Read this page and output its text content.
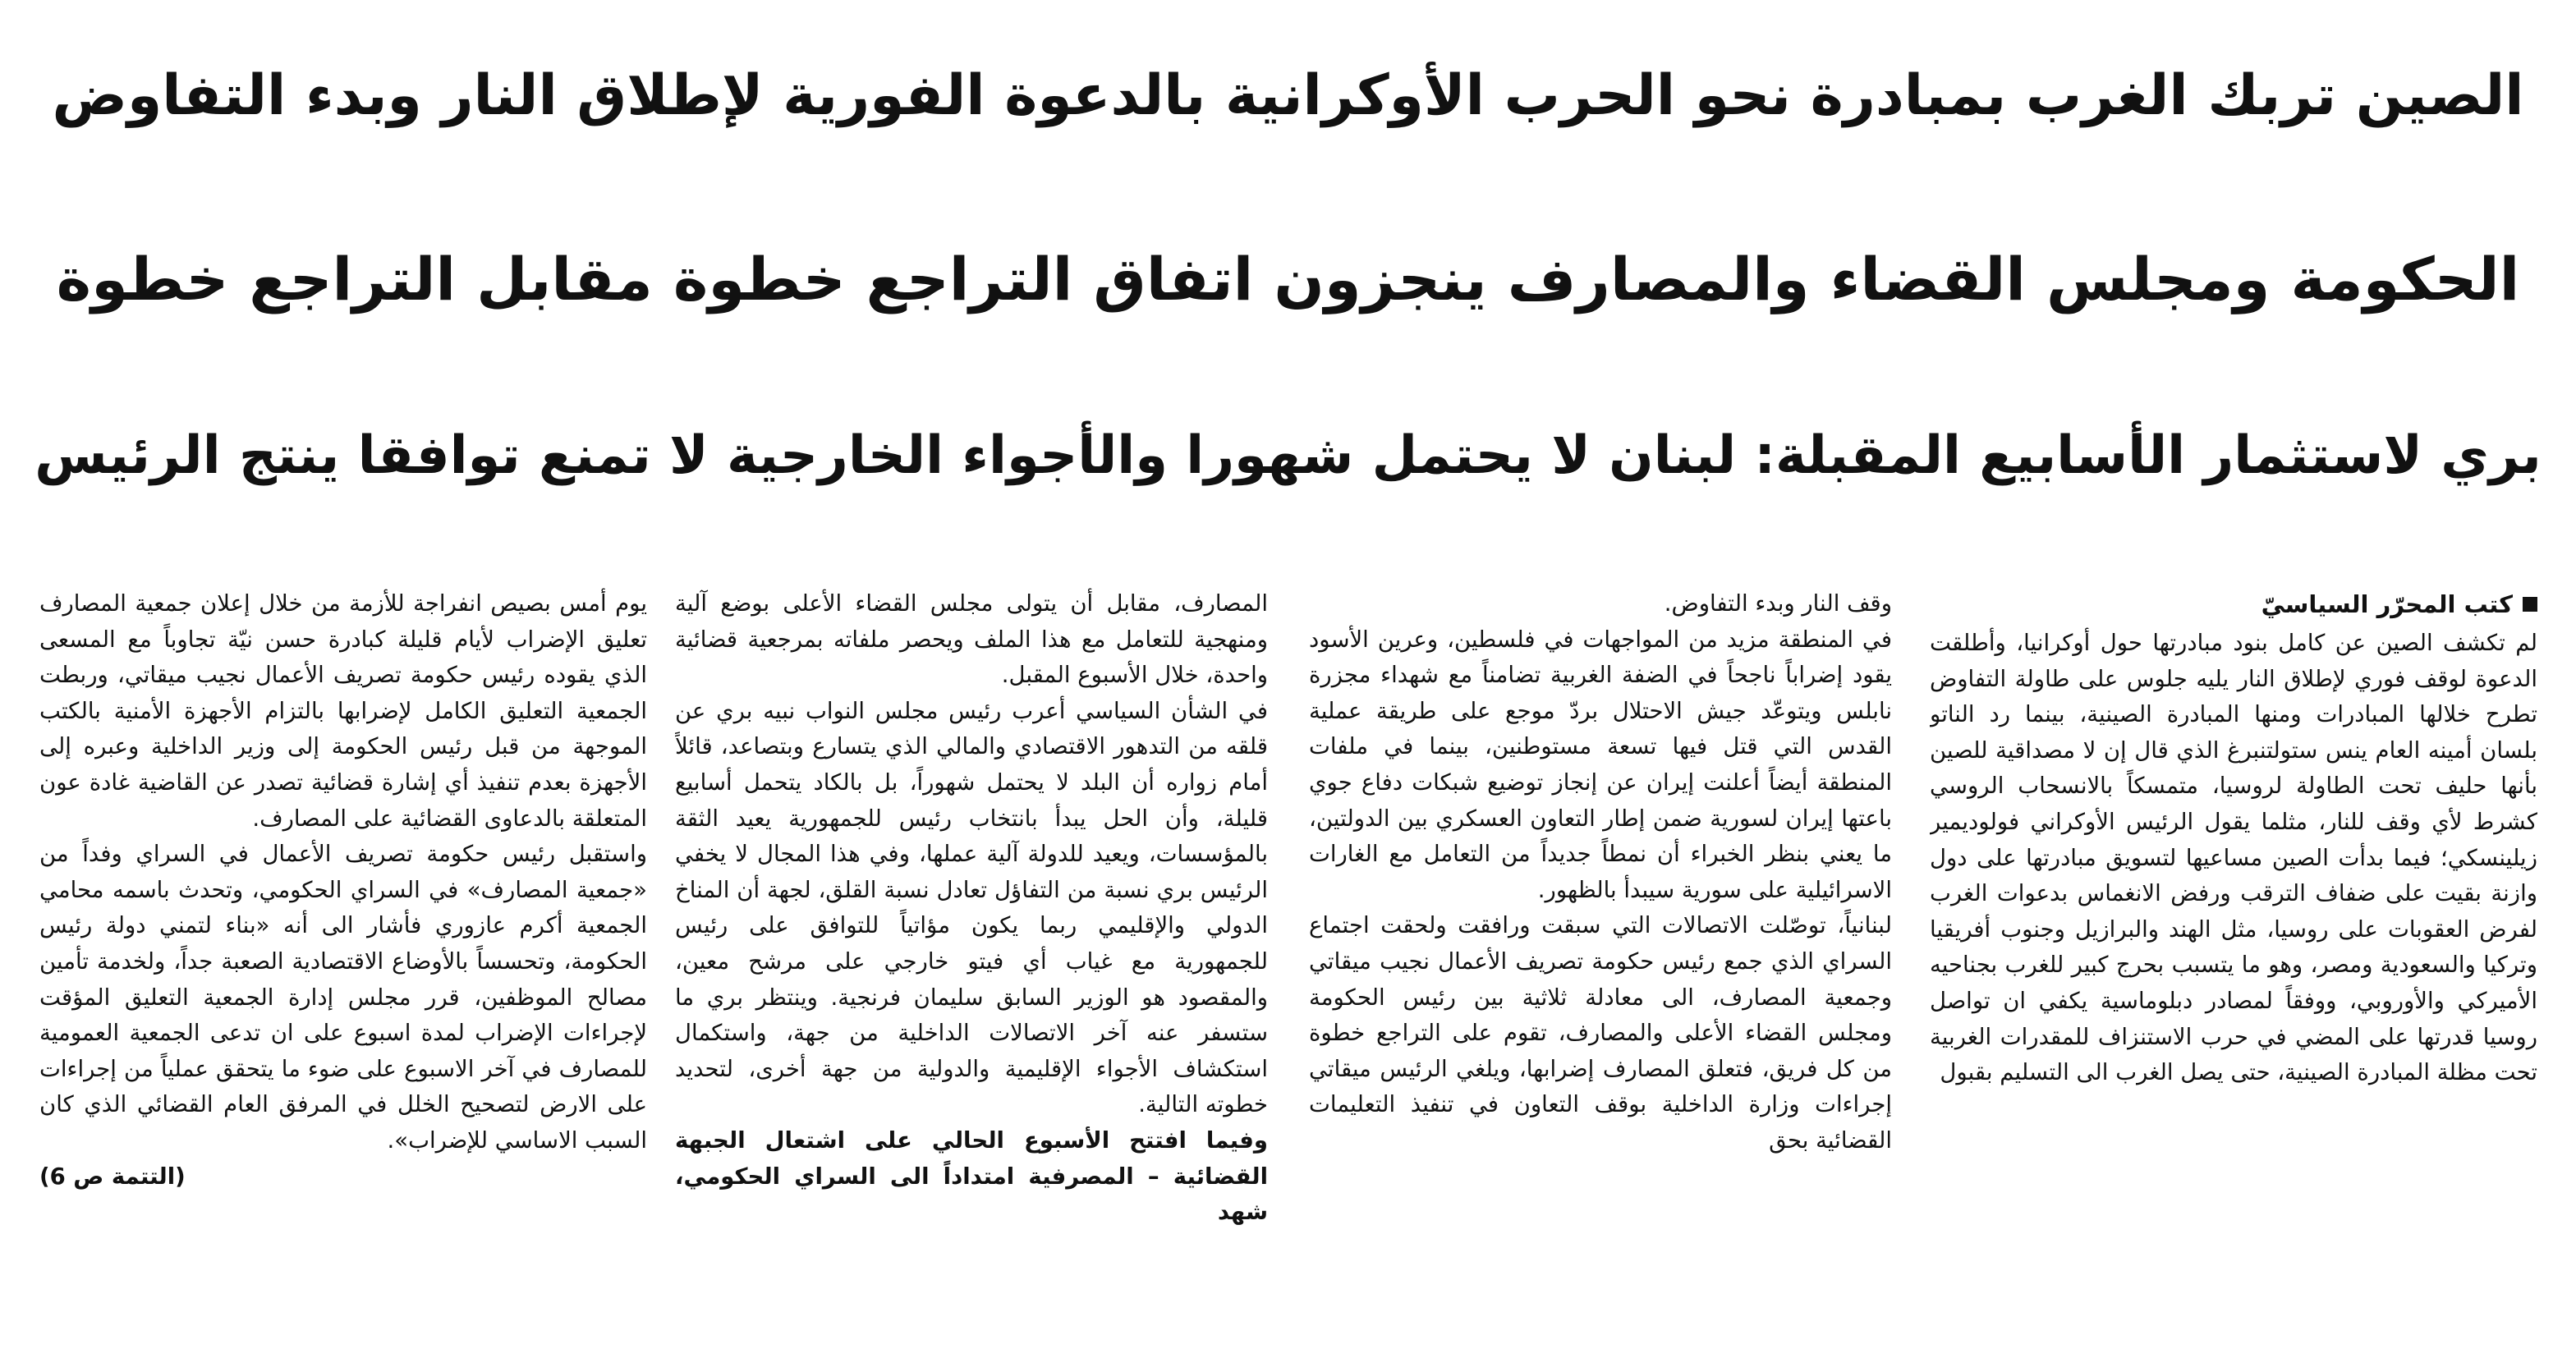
الصين تربك الغرب بمبادرة نحو الحرب الأوكرانية بالدعوة الفورية لإطلاق النار وبدء التفاوض
الحكومة ومجلس القضاء والمصارف ينجزون اتفاق التراجع خطوة مقابل التراجع خطوة
بري لاستثمار الأسابيع المقبلة: لبنان لا يحتمل شهورا والأجواء الخارجية لا تمنع توافقا ينتج الرئيس
كتب المحرّر السياسيّ

لم تكشف الصين عن كامل بنود مبادرتها حول أوكرانيا، وأطلقت الدعوة لوقف فوري لإطلاق النار يليه جلوس على طاولة التفاوض تطرح خلالها المبادرات ومنها المبادرة الصينية، بينما رد الناتو بلسان أمينه العام ينس ستولتنبرغ الذي قال إن لا مصداقية للصين بأنها حليف تحت الطاولة لروسيا، متمسكاً بالانسحاب الروسي كشرط لأي وقف للنار، مثلما يقول الرئيس الأوكراني فولوديمير زيلينسكي؛ فيما بدأت الصين مساعيها لتسويق مبادرتها على دول وازنة بقيت على ضفاف الترقب ورفض الانغماس بدعوات الغرب لفرض العقوبات على روسيا، مثل الهند والبرازيل وجنوب أفريقيا وتركيا والسعودية ومصر، وهو ما يتسبب بحرج كبير للغرب بجناحيه الأميركي والأوروبي، ووفقاً لمصادر دبلوماسية يكفي ان تواصل روسيا قدرتها على المضي في حرب الاستنزاف للمقدرات الغربية تحت مظلة المبادرة الصينية، حتى يصل الغرب الى التسليم بقبول

وقف النار وبدء التفاوض.

في المنطقة مزيد من المواجهات في فلسطين، وعرين الأسود يقود إضراباً ناجحاً في الضفة الغربية تضامناً مع شهداء مجزرة نابلس ويتوعّد جيش الاحتلال بردّ موجع على طريقة عملية القدس التي قتل فيها تسعة مستوطنين، بينما في ملفات المنطقة أيضاً أعلنت إيران عن إنجاز توضيع شبكات دفاع جوي باعتها إيران لسورية ضمن إطار التعاون العسكري بين الدولتين، ما يعني بنظر الخبراء أن نمطاً جديداً من التعامل مع الغارات الاسرائيلية على سورية سيبدأ بالظهور.

لبنانياً، توصّلت الاتصالات التي سبقت ورافقت ولحقت اجتماع السراي الذي جمع رئيس حكومة تصريف الأعمال نجيب ميقاتي وجمعية المصارف، الى معادلة ثلاثية بين رئيس الحكومة ومجلس القضاء الأعلى والمصارف، تقوم على التراجع خطوة من كل فريق، فتعلق المصارف إضرابها، ويلغي الرئيس ميقاتي إجراءات وزارة الداخلية بوقف التعاون في تنفيذ التعليمات القضائية بحق

المصارف، مقابل أن يتولى مجلس القضاء الأعلى بوضع آلية ومنهجية للتعامل مع هذا الملف ويحصر ملفاته بمرجعية قضائية واحدة، خلال الأسبوع المقبل.

في الشأن السياسي أعرب رئيس مجلس النواب نبيه بري عن قلقه من التدهور الاقتصادي والمالي الذي يتسارع وبتصاعد، قائلاً أمام زواره أن البلد لا يحتمل شهوراً، بل بالكاد يتحمل أسابيع قليلة، وأن الحل يبدأ بانتخاب رئيس للجمهورية يعيد الثقة بالمؤسسات، ويعيد للدولة آلية عملها، وفي هذا المجال لا يخفي الرئيس بري نسبة من التفاؤل تعادل نسبة القلق، لجهة أن المناخ الدولي والإقليمي ربما يكون مؤاتياً للتوافق على رئيس للجمهورية مع غياب أي فيتو خارجي على مرشح معين، والمقصود هو الوزير السابق سليمان فرنجية. وينتظر بري ما ستسفر عنه آخر الاتصالات الداخلية من جهة، واستكمال استكشاف الأجواء الإقليمية والدولية من جهة أخرى، لتحديد خطوته التالية.

وفيما افتتح الأسبوع الحالي على اشتعال الجبهة القضائية – المصرفية امتداداً الى السراي الحكومي، شهد

يوم أمس بصيص انفراجة للأزمة من خلال إعلان جمعية المصارف تعليق الإضراب لأيام قليلة كبادرة حسن نيّة تجاوباً مع المسعى الذي يقوده رئيس حكومة تصريف الأعمال نجيب ميقاتي، وربطت الجمعية التعليق الكامل لإضرابها بالتزام الأجهزة الأمنية بالكتب الموجهة من قبل رئيس الحكومة إلى وزير الداخلية وعبره إلى الأجهزة بعدم تنفيذ أي إشارة قضائية تصدر عن القاضية غادة عون المتعلقة بالدعاوى القضائية على المصارف.

واستقبل رئيس حكومة تصريف الأعمال في السراي وفداً من «جمعية المصارف» في السراي الحكومي، وتحدث باسمه محامي الجمعية أكرم عازوري فأشار الى أنه «بناء لتمني دولة رئيس الحكومة، وتحسساً بالأوضاع الاقتصادية الصعبة جداً، ولخدمة تأمين مصالح الموظفين، قرر مجلس إدارة الجمعية التعليق المؤقت لإجراءات الإضراب لمدة اسبوع على ان تدعى الجمعية العمومية للمصارف في آخر الاسبوع على ضوء ما يتحقق عملياً من إجراءات على الارض لتصحيح الخلل في المرفق العام القضائي الذي كان السبب الاساسي للإضراب».

(التتمة ص 6)
